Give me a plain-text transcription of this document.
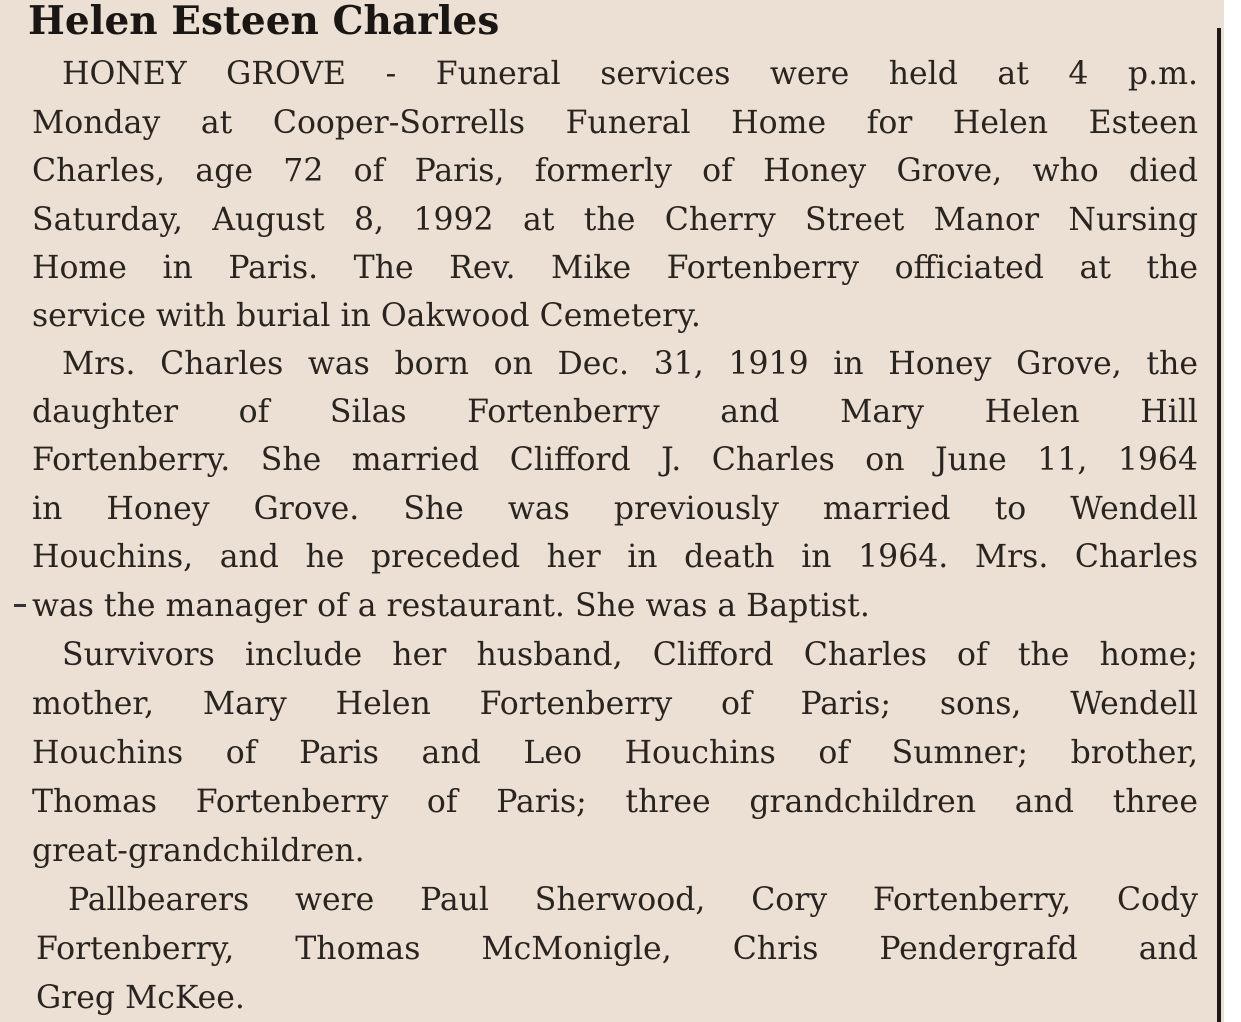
Helen Esteen Charles

HONEY GROVE - Funeral services were held at 4 p.m.

Monday at Cooper-Sorrells Funeral Home for Helen Esteen

Charles, age 72 of Paris, formerly of Honey Grove, who died

Saturday, August 8, 1992 at the Cherry Street Manor Nursing

Home in Paris. The Rev. Mike Fortenberry officiated at the

service with burial in Oakwood Cemetery.

Mrs. Charles was born on Dec. 31, 1919 in Honey Grove, the

daughter of Silas Fortenberry and Mary Helen Hill

Fortenberry. She married Clifford J. Charles on June 11, 1964

in Honey Grove. She was previously married to Wendell

Houchins, and he preceded her in death in 1964. Mrs. Charles

was the manager of a restaurant. She was a Baptist.

Survivors include her husband, Clifford Charles of the home;

mother, Mary Helen Fortenberry of Paris; sons, Wendell

Houchins of Paris and Leo Houchins of Sumner; brother,

Thomas Fortenberry of Paris; three grandchildren and three

great-grandchildren.

Pallbearers were Paul Sherwood, Cory Fortenberry, Cody

Fortenberry, Thomas McMonigle, Chris Pendergrafd and

Greg McKee.
